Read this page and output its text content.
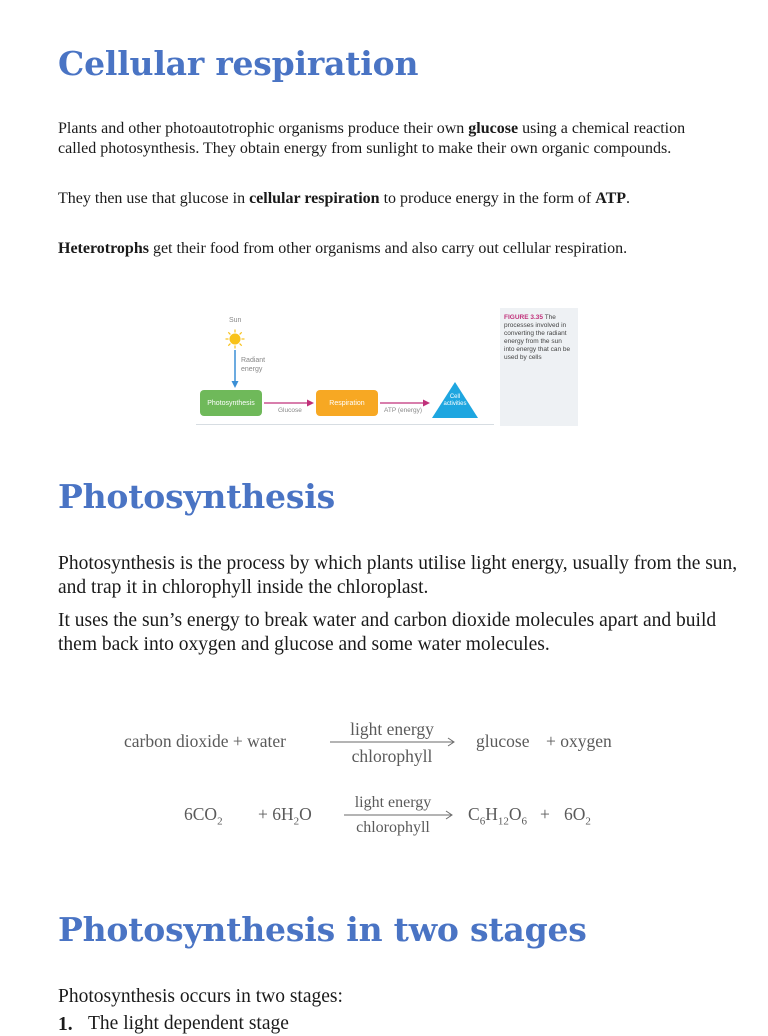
Cellular respiration

Plants and other photoautotrophic organisms produce their own glucose using a chemical reaction called photosynthesis. They obtain energy from sunlight to make their own organic compounds.

They then use that glucose in cellular respiration to produce energy in the form of ATP.

Heterotrophs get their food from other organisms and also carry out cellular respiration.

Sun
Radiant
energy
Photosynthesis
Glucose
Respiration
ATP (energy)
Cell
activities
FIGURE 3.35 The processes involved in converting the radiant energy from the sun into energy that can be used by cells
Photosynthesis

Photosynthesis is the process by which plants utilise light energy, usually from the sun, and trap it in chlorophyll inside the chloroplast.

It uses the sun’s energy to break water and carbon dioxide molecules apart and build them back into oxygen and glucose and some water molecules.

carbon dioxide + water
light energy
chlorophyll
glucose + oxygen
$6CO_2 + 6H_2O$
light energy
chlorophyll
$C_6H_{12}O_6 + 6O_2$
Photosynthesis in two stages

Photosynthesis occurs in two stages:

1. The light dependent stage
